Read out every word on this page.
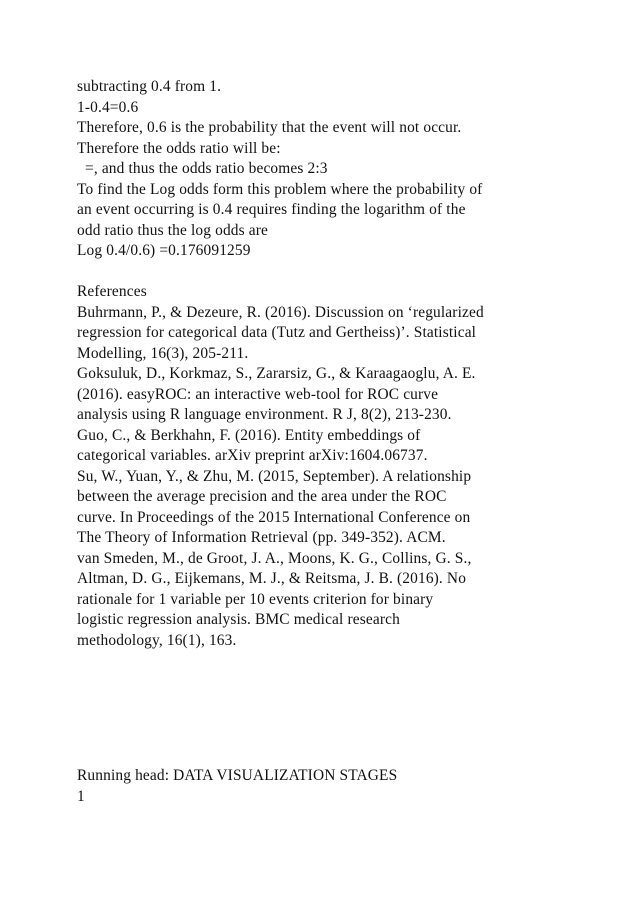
subtracting 0.4 from 1.
1-0.4=0.6
Therefore, 0.6 is the probability that the event will not occur.
Therefore the odds ratio will be:
=, and thus the odds ratio becomes 2:3
To find the Log odds form this problem where the probability of
an event occurring is 0.4 requires finding the logarithm of the
odd ratio thus the log odds are
Log 0.4/0.6) =0.176091259
References
Buhrmann, P., & Dezeure, R. (2016). Discussion on ‘regularized
regression for categorical data (Tutz and Gertheiss)’. Statistical
Modelling, 16(3), 205-211.
Goksuluk, D., Korkmaz, S., Zararsiz, G., & Karaagaoglu, A. E.
(2016). easyROC: an interactive web-tool for ROC curve
analysis using R language environment. R J, 8(2), 213-230.
Guo, C., & Berkhahn, F. (2016). Entity embeddings of
categorical variables. arXiv preprint arXiv:1604.06737.
Su, W., Yuan, Y., & Zhu, M. (2015, September). A relationship
between the average precision and the area under the ROC
curve. In Proceedings of the 2015 International Conference on
The Theory of Information Retrieval (pp. 349-352). ACM.
van Smeden, M., de Groot, J. A., Moons, K. G., Collins, G. S.,
Altman, D. G., Eijkemans, M. J., & Reitsma, J. B. (2016). No
rationale for 1 variable per 10 events criterion for binary
logistic regression analysis. BMC medical research
methodology, 16(1), 163.
Running head: DATA VISUALIZATION STAGES
1
